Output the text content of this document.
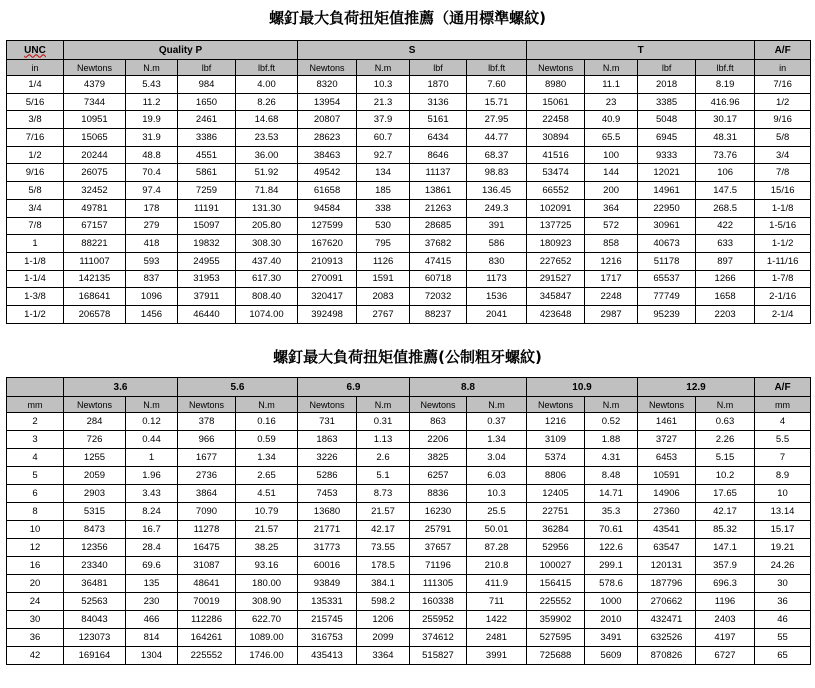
螺釘最大負荷扭矩值推薦（通用標準螺紋)
UNC	Quality P				S				T				A/F
in	Newtons	N.m	lbf	lbf.ft	Newtons	N.m	lbf	lbf.ft	Newtons	N.m	lbf	lbf.ft	in
1/4	4379	5.43	984	4.00	8320	10.3	1870	7.60	8980	11.1	2018	8.19	7/16
5/16	7344	11.2	1650	8.26	13954	21.3	3136	15.71	15061	23	3385	416.96	1/2
3/8	10951	19.9	2461	14.68	20807	37.9	5161	27.95	22458	40.9	5048	30.17	9/16
7/16	15065	31.9	3386	23.53	28623	60.7	6434	44.77	30894	65.5	6945	48.31	5/8
1/2	20244	48.8	4551	36.00	38463	92.7	8646	68.37	41516	100	9333	73.76	3/4
9/16	26075	70.4	5861	51.92	49542	134	11137	98.83	53474	144	12021	106	7/8
5/8	32452	97.4	7259	71.84	61658	185	13861	136.45	66552	200	14961	147.5	15/16
3/4	49781	178	11191	131.30	94584	338	21263	249.3	102091	364	22950	268.5	1-1/8
7/8	67157	279	15097	205.80	127599	530	28685	391	137725	572	30961	422	1-5/16
1	88221	418	19832	308.30	167620	795	37682	586	180923	858	40673	633	1-1/2
1-1/8	111007	593	24955	437.40	210913	1126	47415	830	227652	1216	51178	897	1-11/16
1-1/4	142135	837	31953	617.30	270091	1591	60718	1173	291527	1717	65537	1266	1-7/8
1-3/8	168641	1096	37911	808.40	320417	2083	72032	1536	345847	2248	77749	1658	2-1/16
1-1/2	206578	1456	46440	1074.00	392498	2767	88237	2041	423648	2987	95239	2203	2-1/4
螺釘最大負荷扭矩值推薦(公制粗牙螺紋)
	3.6		5.6		6.9		8.8		10.9		12.9		A/F
mm	Newtons	N.m	Newtons	N.m	Newtons	N.m	Newtons	N.m	Newtons	N.m	Newtons	N.m	mm
2	284	0.12	378	0.16	731	0.31	863	0.37	1216	0.52	1461	0.63	4
3	726	0.44	966	0.59	1863	1.13	2206	1.34	3109	1.88	3727	2.26	5.5
4	1255	1	1677	1.34	3226	2.6	3825	3.04	5374	4.31	6453	5.15	7
5	2059	1.96	2736	2.65	5286	5.1	6257	6.03	8806	8.48	10591	10.2	8.9
6	2903	3.43	3864	4.51	7453	8.73	8836	10.3	12405	14.71	14906	17.65	10
8	5315	8.24	7090	10.79	13680	21.57	16230	25.5	22751	35.3	27360	42.17	13.14
10	8473	16.7	11278	21.57	21771	42.17	25791	50.01	36284	70.61	43541	85.32	15.17
12	12356	28.4	16475	38.25	31773	73.55	37657	87.28	52956	122.6	63547	147.1	19.21
16	23340	69.6	31087	93.16	60016	178.5	71196	210.8	100027	299.1	120131	357.9	24.26
20	36481	135	48641	180.00	93849	384.1	111305	411.9	156415	578.6	187796	696.3	30
24	52563	230	70019	308.90	135331	598.2	160338	711	225552	1000	270662	1196	36
30	84043	466	112286	622.70	215745	1206	255952	1422	359902	2010	432471	2403	46
36	123073	814	164261	1089.00	316753	2099	374612	2481	527595	3491	632526	4197	55
42	169164	1304	225552	1746.00	435413	3364	515827	3991	725688	5609	870826	6727	65
